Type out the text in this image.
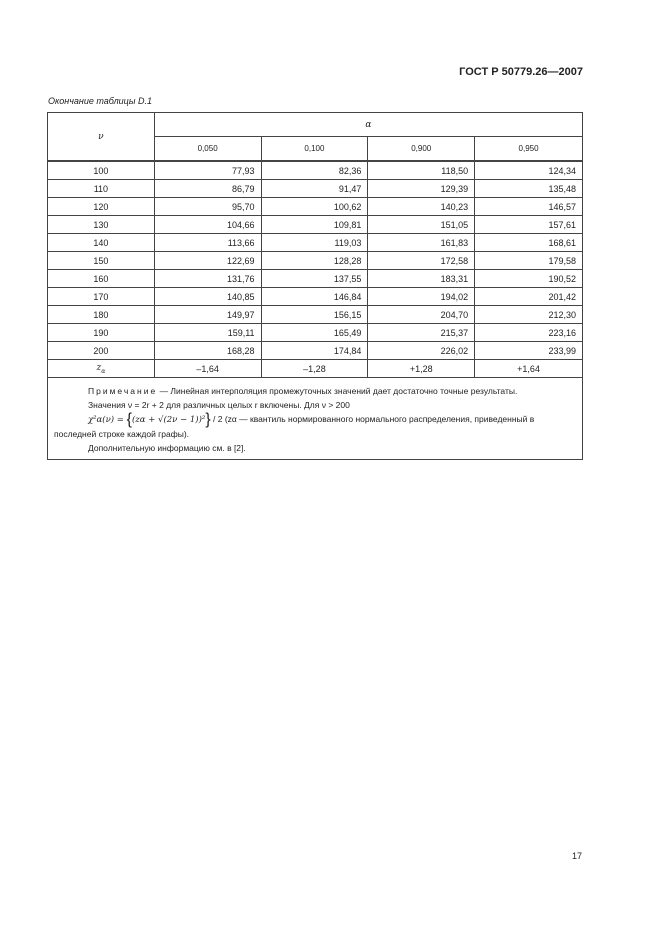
ГОСТ Р 50779.26—2007
Окончание таблицы D.1
ν	α			
	0,050	0,100	0,900	0,950
100	77,93	82,36	118,50	124,34
110	86,79	91,47	129,39	135,48
120	95,70	100,62	140,23	146,57
130	104,66	109,81	151,05	157,61
140	113,66	119,03	161,83	168,61
150	122,69	128,28	172,58	179,58
160	131,76	137,55	183,31	190,52
170	140,85	146,84	194,02	201,42
180	149,97	156,15	204,70	212,30
190	159,11	165,49	215,37	223,16
200	168,28	174,84	226,02	233,99
$z_\alpha$	–1,64	–1,28	+1,28	+1,64

Примечание — Линейная интерполяция промежуточных значений дает достаточно точные результаты.

Значения ν = 2r + 2 для различных целых r включены. Для ν > 200

χ²α(ν) = {(zα + √(2ν − 1))²} / 2 (zα — квантиль нормированного нормального распределения, приведенный в последней строке каждой графы).

Дополнительную информацию см. в [2].				

17
